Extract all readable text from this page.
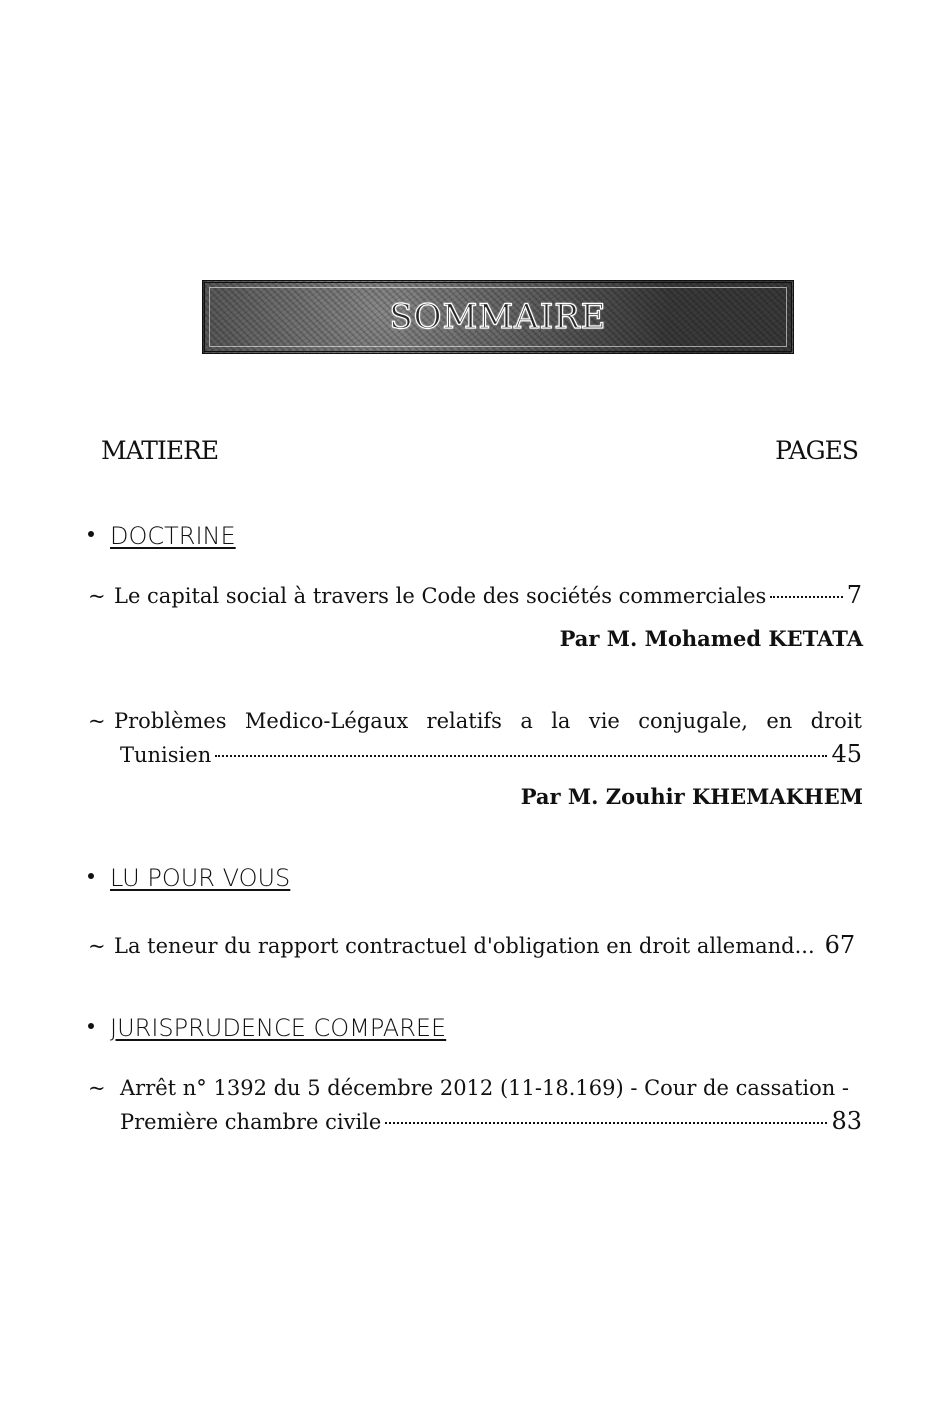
SOMMAIRE
MATIERE	PAGES
DOCTRINE
~ Le capital social à travers le Code des sociétés commerciales	7
Par M. Mohamed KETATA
~ Problèmes Medico-Légaux relatifs a la vie conjugale, en droit
Tunisien	45
Par M. Zouhir KHEMAKHEM
LU POUR VOUS
~ La teneur du rapport contractuel d'obligation en droit allemand... 67
JURISPRUDENCE COMPAREE
~ Arrêt n° 1392 du 5 décembre 2012 (11-18.169) - Cour de cassation -
Première chambre civile	83
